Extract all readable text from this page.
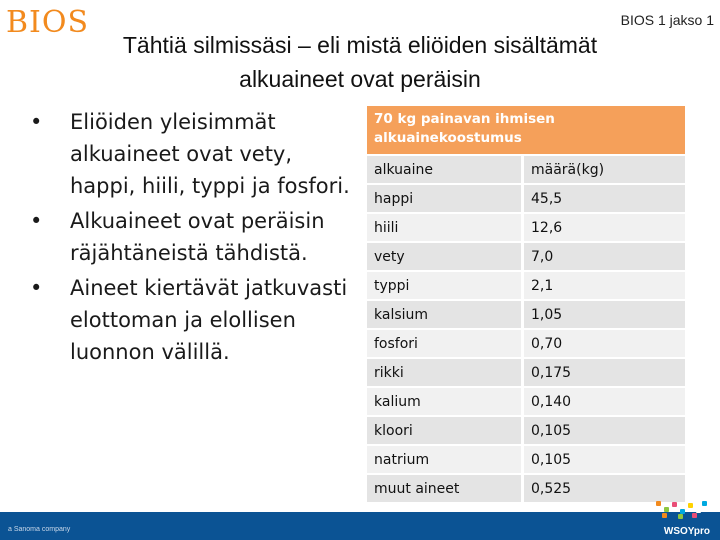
BIOS	BIOS 1 jakso 1
Tähtiä silmissäsi – eli mistä eliöiden sisältämät
alkuaineet ovat peräisin
• Eliöiden yleisimmät alkuaineet ovat vety, happi, hiili, typpi ja fosfori.
• Alkuaineet ovat peräisin räjähtäneistä tähdistä.
• Aineet kiertävät jatkuvasti elottoman ja elollisen luonnon välillä.
70 kg painavan ihmisen alkuainekoostumus	
alkuaine	määrä(kg)
happi	45,5
hiili	12,6
vety	7,0
typpi	2,1
kalsium	1,05
fosfori	0,70
rikki	0,175
kalium	0,140
kloori	0,105
natrium	0,105
muut aineet	0,525
a Sanoma company	WSOYpro
